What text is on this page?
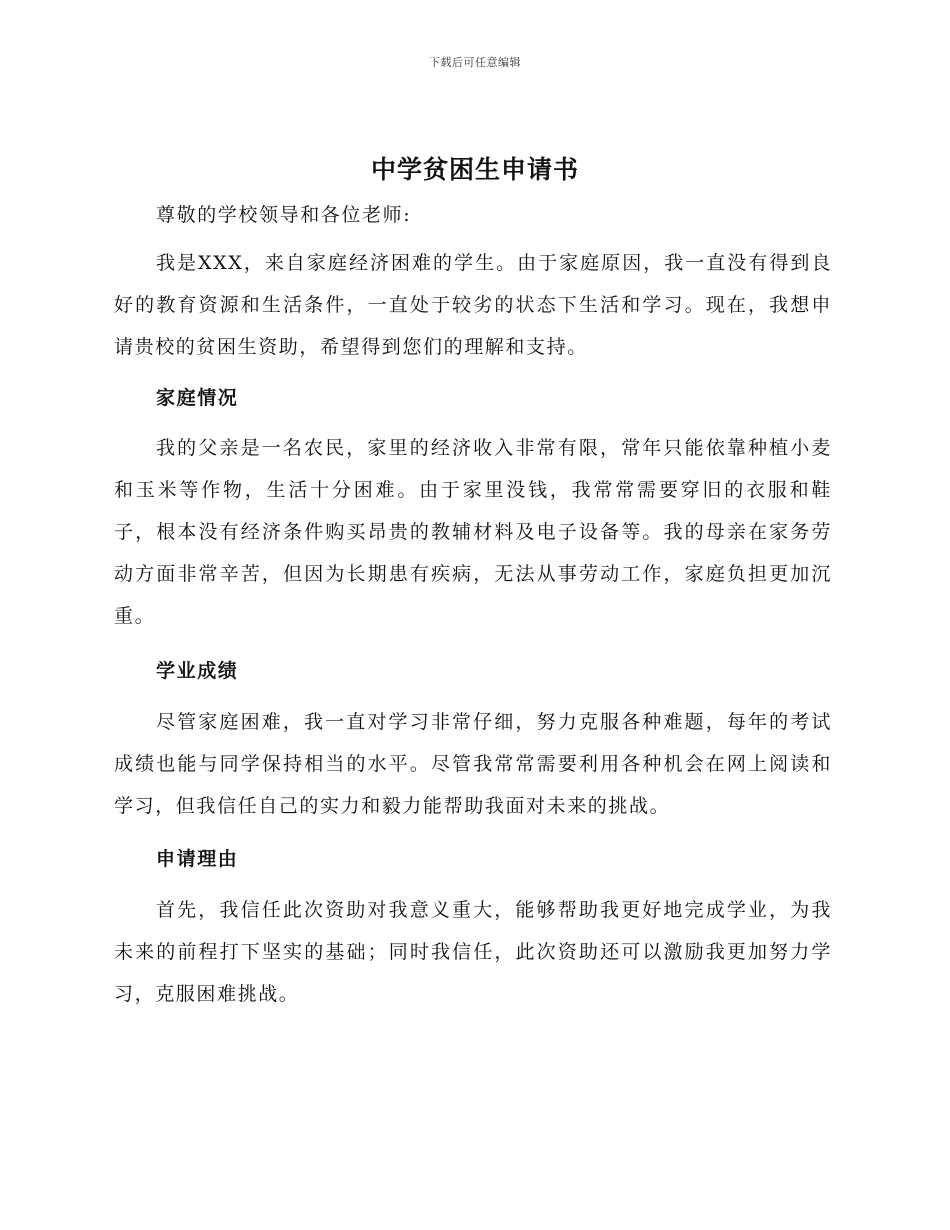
下载后可任意编辑
中学贫困生申请书

尊敬的学校领导和各位老师:

我是XXX，来自家庭经济困难的学生。由于家庭原因，我一直没有得到良好的教育资源和生活条件，一直处于较劣的状态下生活和学习。现在，我想申请贵校的贫困生资助，希望得到您们的理解和支持。

家庭情况

我的父亲是一名农民，家里的经济收入非常有限，常年只能依靠种植小麦和玉米等作物，生活十分困难。由于家里没钱，我常常需要穿旧的衣服和鞋子，根本没有经济条件购买昂贵的教辅材料及电子设备等。我的母亲在家务劳动方面非常辛苦，但因为长期患有疾病，无法从事劳动工作，家庭负担更加沉重。

学业成绩

尽管家庭困难，我一直对学习非常仔细，努力克服各种难题，每年的考试成绩也能与同学保持相当的水平。尽管我常常需要利用各种机会在网上阅读和学习，但我信任自己的实力和毅力能帮助我面对未来的挑战。

申请理由

首先，我信任此次资助对我意义重大，能够帮助我更好地完成学业，为我未来的前程打下坚实的基础；同时我信任，此次资助还可以激励我更加努力学习，克服困难挑战。
